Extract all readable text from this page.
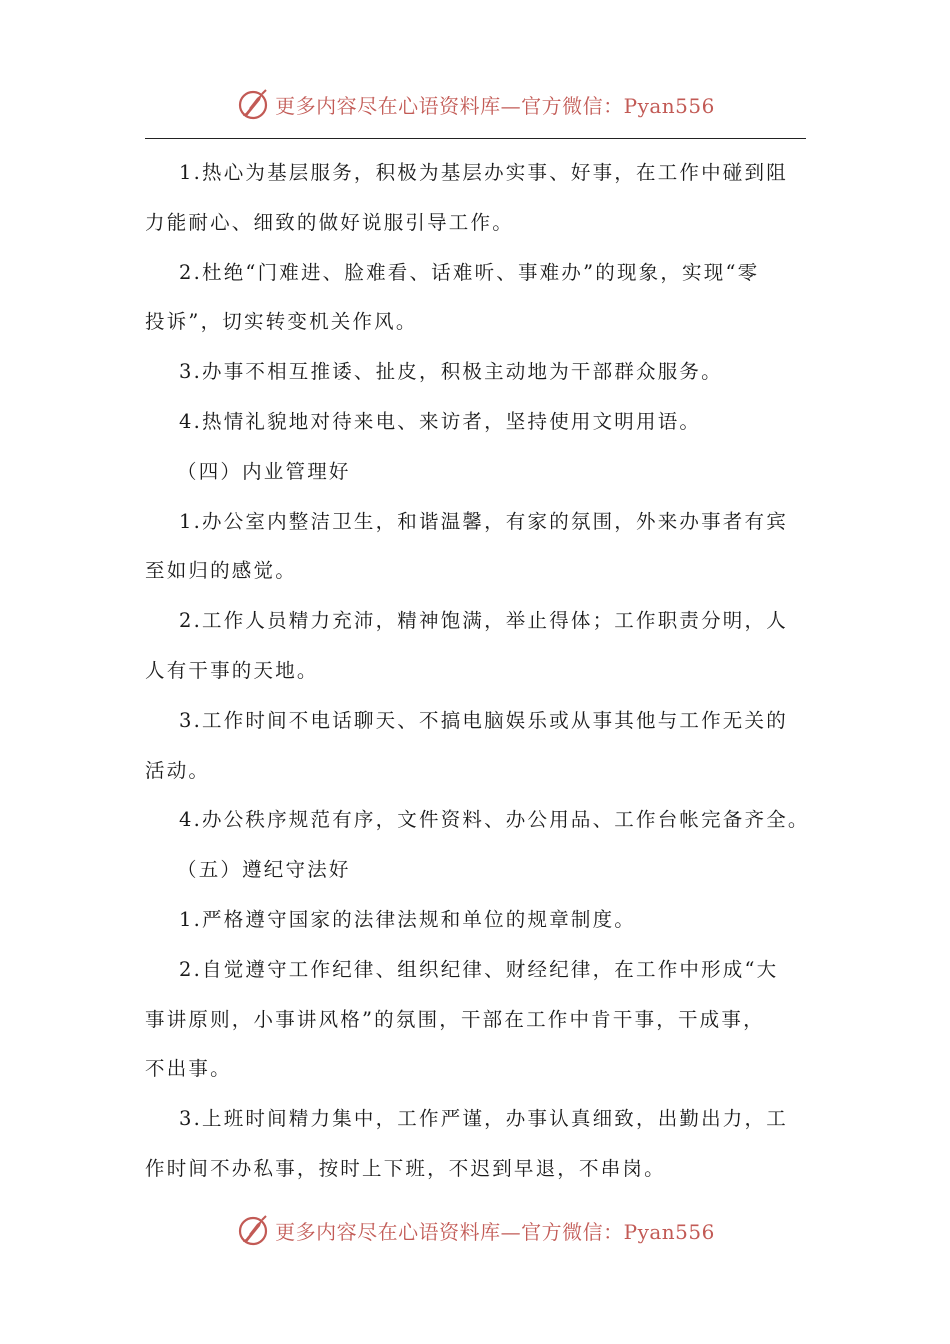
更多内容尽在心语资料库—官方微信：Pyan556
1.热心为基层服务，积极为基层办实事、好事，在工作中碰到阻
力能耐心、细致的做好说服引导工作。
2.杜绝“门难进、脸难看、话难听、事难办”的现象，实现“零
投诉”，切实转变机关作风。
3.办事不相互推诿、扯皮，积极主动地为干部群众服务。
4.热情礼貌地对待来电、来访者，坚持使用文明用语。
（四）内业管理好
1.办公室内整洁卫生，和谐温馨，有家的氛围，外来办事者有宾
至如归的感觉。
2.工作人员精力充沛，精神饱满，举止得体；工作职责分明，人
人有干事的天地。
3.工作时间不电话聊天、不搞电脑娱乐或从事其他与工作无关的
活动。
4.办公秩序规范有序，文件资料、办公用品、工作台帐完备齐全。
（五）遵纪守法好
1.严格遵守国家的法律法规和单位的规章制度。
2.自觉遵守工作纪律、组织纪律、财经纪律，在工作中形成“大
事讲原则，小事讲风格”的氛围，干部在工作中肯干事，干成事，
不出事。
3.上班时间精力集中，工作严谨，办事认真细致，出勤出力，工
作时间不办私事，按时上下班，不迟到早退，不串岗。
更多内容尽在心语资料库—官方微信：Pyan556
